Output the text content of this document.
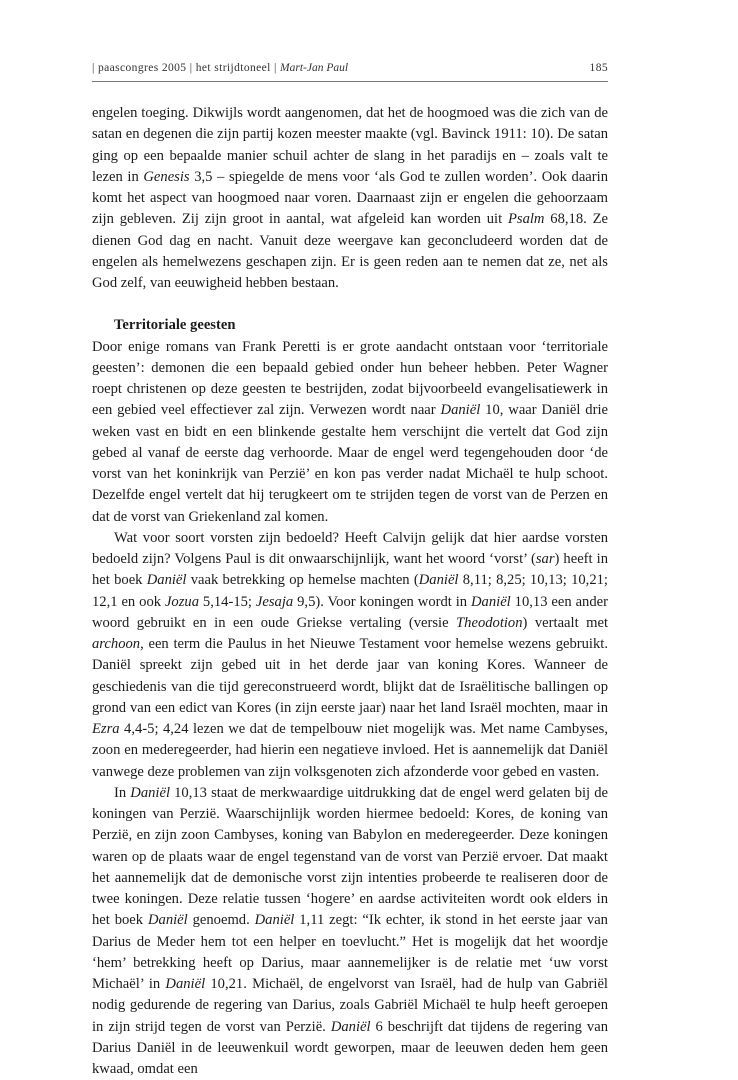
| paascongres 2005 | het strijdtoneel | Mart-Jan Paul	185

engelen toeging. Dikwijls wordt aangenomen, dat het de hoogmoed was die zich van de satan en degenen die zijn partij kozen meester maakte (vgl. Bavinck 1911: 10). De satan ging op een bepaalde manier schuil achter de slang in het paradijs en – zoals valt te lezen in Genesis 3,5 – spiegelde de mens voor ‘als God te zullen worden’. Ook daarin komt het aspect van hoogmoed naar voren. Daarnaast zijn er engelen die gehoorzaam zijn gebleven. Zij zijn groot in aantal, wat afgeleid kan worden uit Psalm 68,18. Ze dienen God dag en nacht. Vanuit deze weergave kan geconcludeerd worden dat de engelen als hemelwezens geschapen zijn. Er is geen reden aan te nemen dat ze, net als God zelf, van eeuwigheid hebben bestaan.

Territoriale geesten

Door enige romans van Frank Peretti is er grote aandacht ontstaan voor ‘territoriale geesten’: demonen die een bepaald gebied onder hun beheer hebben. Peter Wagner roept christenen op deze geesten te bestrijden, zodat bijvoorbeeld evangelisatiewerk in een gebied veel effectiever zal zijn. Verwezen wordt naar Daniël 10, waar Daniël drie weken vast en bidt en een blinkende gestalte hem verschijnt die vertelt dat God zijn gebed al vanaf de eerste dag verhoorde. Maar de engel werd tegengehouden door ‘de vorst van het koninkrijk van Perzië’ en kon pas verder nadat Michaël te hulp schoot. Dezelfde engel vertelt dat hij terugkeert om te strijden tegen de vorst van de Perzen en dat de vorst van Griekenland zal komen.

Wat voor soort vorsten zijn bedoeld? Heeft Calvijn gelijk dat hier aardse vorsten bedoeld zijn? Volgens Paul is dit onwaarschijnlijk, want het woord ‘vorst’ (sar) heeft in het boek Daniël vaak betrekking op hemelse machten (Daniël 8,11; 8,25; 10,13; 10,21; 12,1 en ook Jozua 5,14-15; Jesaja 9,5). Voor koningen wordt in Daniël 10,13 een ander woord gebruikt en in een oude Griekse vertaling (versie Theodotion) vertaalt met archoon, een term die Paulus in het Nieuwe Testament voor hemelse wezens gebruikt. Daniël spreekt zijn gebed uit in het derde jaar van koning Kores. Wanneer de geschiedenis van die tijd gereconstrueerd wordt, blijkt dat de Israëlitische ballingen op grond van een edict van Kores (in zijn eerste jaar) naar het land Israël mochten, maar in Ezra 4,4-5; 4,24 lezen we dat de tempelbouw niet mogelijk was. Met name Cambyses, zoon en mederegeerder, had hierin een negatieve invloed. Het is aannemelijk dat Daniël vanwege deze problemen van zijn volksgenoten zich afzonderde voor gebed en vasten.

In Daniël 10,13 staat de merkwaardige uitdrukking dat de engel werd gelaten bij de koningen van Perzië. Waarschijnlijk worden hiermee bedoeld: Kores, de koning van Perzië, en zijn zoon Cambyses, koning van Babylon en mederegeerder. Deze koningen waren op de plaats waar de engel tegenstand van de vorst van Perzië ervoer. Dat maakt het aannemelijk dat de demonische vorst zijn intenties probeerde te realiseren door de twee koningen. Deze relatie tussen ‘hogere’ en aardse activiteiten wordt ook elders in het boek Daniël genoemd. Daniël 1,11 zegt: “Ik echter, ik stond in het eerste jaar van Darius de Meder hem tot een helper en toevlucht.” Het is mogelijk dat het woordje ‘hem’ betrekking heeft op Darius, maar aannemelijker is de relatie met ‘uw vorst Michaël’ in Daniël 10,21. Michaël, de engelvorst van Israël, had de hulp van Gabriël nodig gedurende de regering van Darius, zoals Gabriël Michaël te hulp heeft geroepen in zijn strijd tegen de vorst van Perzië. Daniël 6 beschrijft dat tijdens de regering van Darius Daniël in de leeuwenkuil wordt geworpen, maar de leeuwen deden hem geen kwaad, omdat een
